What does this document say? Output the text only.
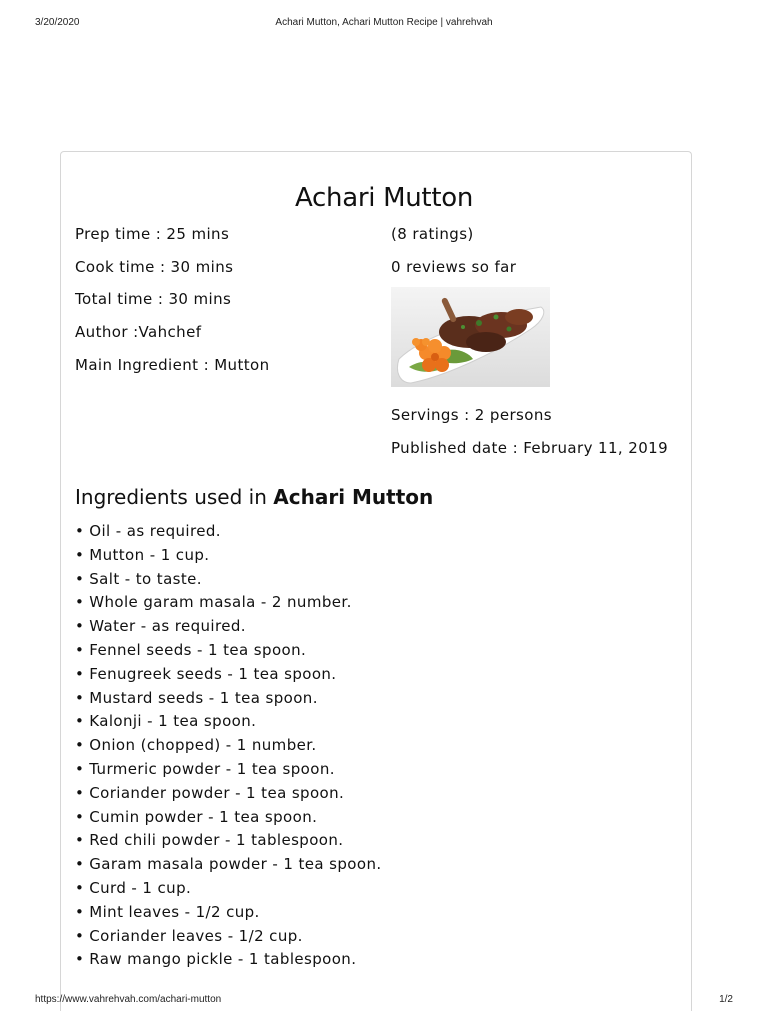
3/20/2020	Achari Mutton, Achari Mutton Recipe | vahrehvah
Achari Mutton
Prep time : 25 mins
Cook time : 30 mins
Total time : 30 mins
Author :Vahchef
Main Ingredient : Mutton
(8 ratings)
0 reviews so far
Servings : 2 persons
Published date : February 11, 2019
Ingredients used in Achari Mutton
• Oil - as required.
• Mutton - 1 cup.
• Salt - to taste.
• Whole garam masala - 2 number.
• Water - as required.
• Fennel seeds - 1 tea spoon.
• Fenugreek seeds - 1 tea spoon.
• Mustard seeds - 1 tea spoon.
• Kalonji - 1 tea spoon.
• Onion (chopped) - 1 number.
• Turmeric powder - 1 tea spoon.
• Coriander powder - 1 tea spoon.
• Cumin powder - 1 tea spoon.
• Red chili powder - 1 tablespoon.
• Garam masala powder - 1 tea spoon.
• Curd - 1 cup.
• Mint leaves - 1/2 cup.
• Coriander leaves - 1/2 cup.
• Raw mango pickle - 1 tablespoon.
https://www.vahrehvah.com/achari-mutton	1/2
